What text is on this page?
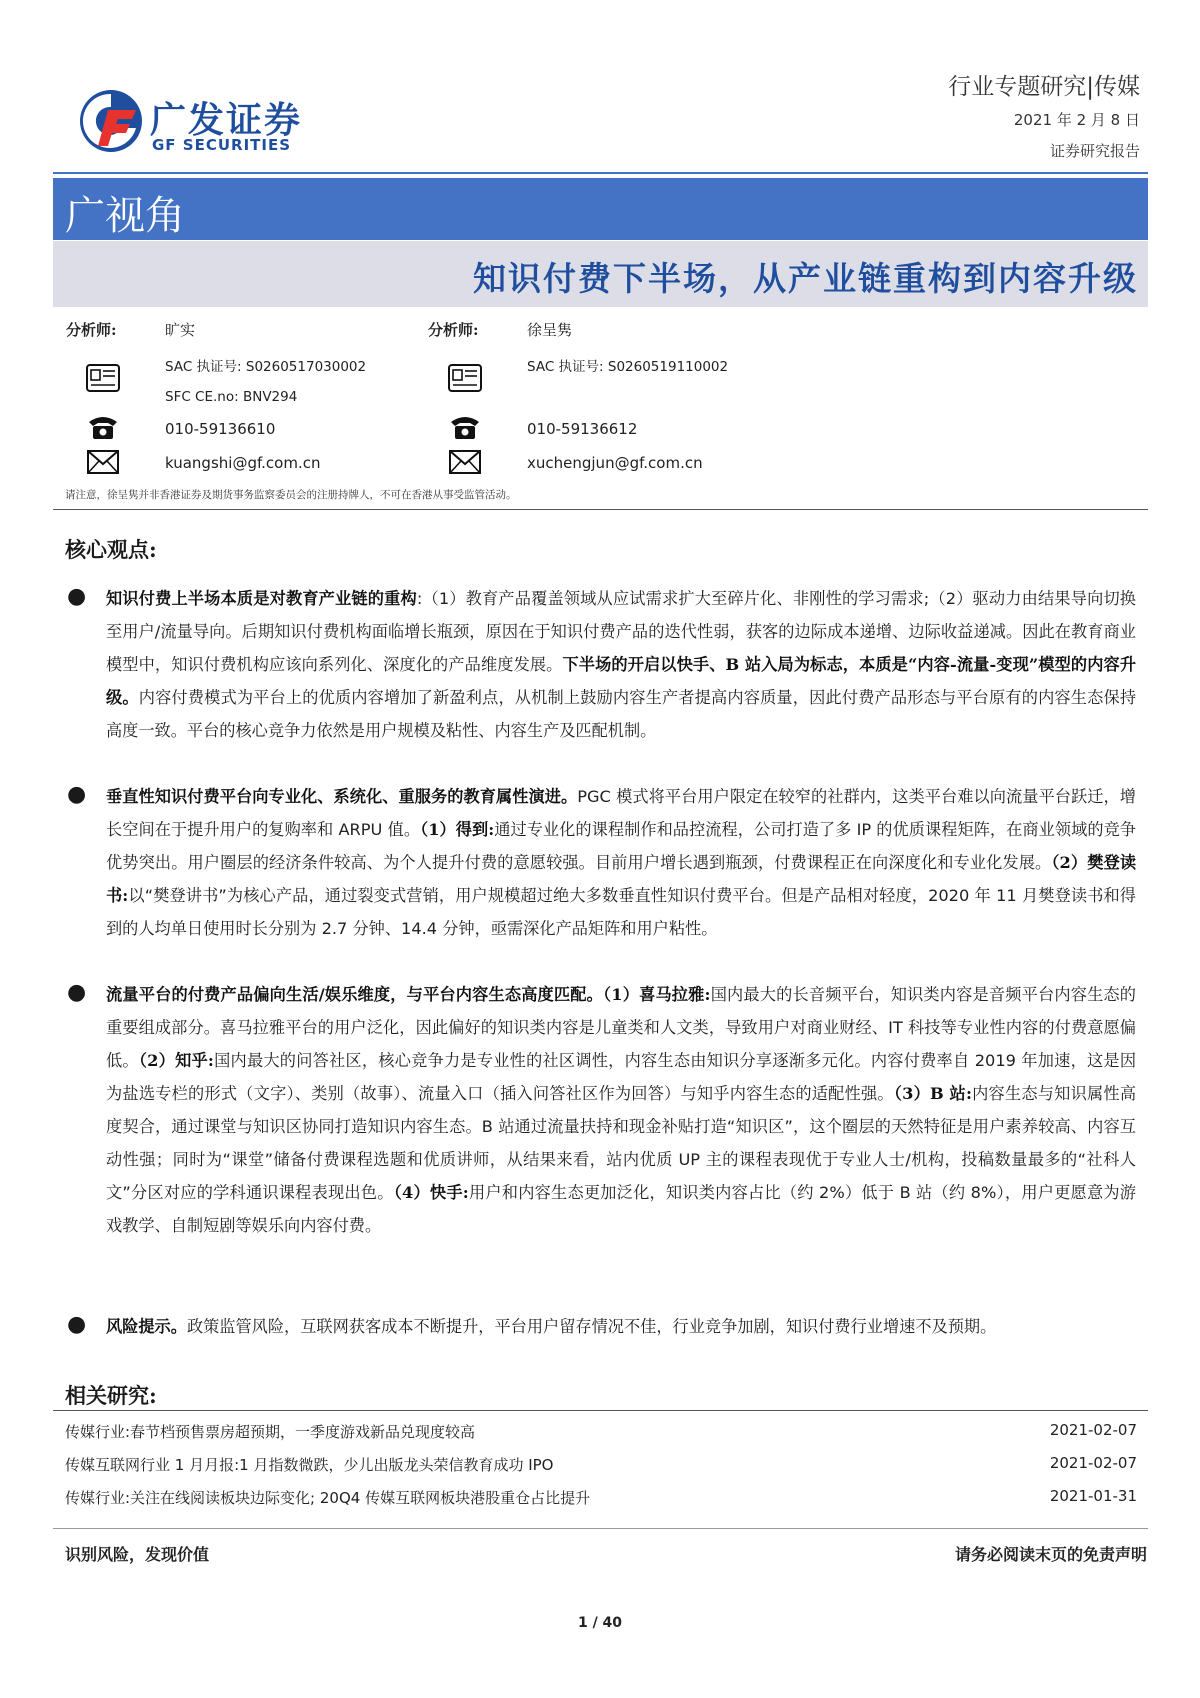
广发证券
GF SECURITIES
行业专题研究|传媒
2021 年 2 月 8 日
证券研究报告
广视角
知识付费下半场，从产业链重构到内容升级
分析师:	旷实
SAC 执证号: S0260517030002
SFC CE.no: BNV294
010-59136610
kuangshi@gf.com.cn
分析师:	徐呈隽
SAC 执证号: S0260519110002
010-59136612
xuchengjun@gf.com.cn
请注意，徐呈隽并非香港证券及期货事务监察委员会的注册持牌人，不可在香港从事受监管活动。
核心观点:
● 知识付费上半场本质是对教育产业链的重构:（1）教育产品覆盖领域从应试需求扩大至碎片化、非刚性的学习需求;（2）驱动力由结果导向切换至用户/流量导向。后期知识付费机构面临增长瓶颈，原因在于知识付费产品的迭代性弱，获客的边际成本递增、边际收益递减。因此在教育商业模型中，知识付费机构应该向系列化、深度化的产品维度发展。下半场的开启以快手、B 站入局为标志，本质是“内容-流量-变现”模型的内容升级。内容付费模式为平台上的优质内容增加了新盈利点，从机制上鼓励内容生产者提高内容质量，因此付费产品形态与平台原有的内容生态保持高度一致。平台的核心竞争力依然是用户规模及粘性、内容生产及匹配机制。
● 垂直性知识付费平台向专业化、系统化、重服务的教育属性演进。PGC 模式将平台用户限定在较窄的社群内，这类平台难以向流量平台跃迁，增长空间在于提升用户的复购率和 ARPU 值。（1）得到:通过专业化的课程制作和品控流程，公司打造了多 IP 的优质课程矩阵，在商业领域的竞争优势突出。用户圈层的经济条件较高、为个人提升付费的意愿较强。目前用户增长遇到瓶颈，付费课程正在向深度化和专业化发展。（2）樊登读书:以“樊登讲书”为核心产品，通过裂变式营销，用户规模超过绝大多数垂直性知识付费平台。但是产品相对轻度，2020 年 11 月樊登读书和得到的人均单日使用时长分别为 2.7 分钟、14.4 分钟，亟需深化产品矩阵和用户粘性。
● 流量平台的付费产品偏向生活/娱乐维度，与平台内容生态高度匹配。（1）喜马拉雅:国内最大的长音频平台，知识类内容是音频平台内容生态的重要组成部分。喜马拉雅平台的用户泛化，因此偏好的知识类内容是儿童类和人文类，导致用户对商业财经、IT 科技等专业性内容的付费意愿偏低。（2）知乎:国内最大的问答社区，核心竞争力是专业性的社区调性，内容生态由知识分享逐渐多元化。内容付费率自 2019 年加速，这是因为盐选专栏的形式（文字）、类别（故事）、流量入口（插入问答社区作为回答）与知乎内容生态的适配性强。（3）B 站:内容生态与知识属性高度契合，通过课堂与知识区协同打造知识内容生态。B 站通过流量扶持和现金补贴打造“知识区”，这个圈层的天然特征是用户素养较高、内容互动性强；同时为“课堂”储备付费课程选题和优质讲师，从结果来看，站内优质 UP 主的课程表现优于专业人士/机构，投稿数量最多的“社科人文”分区对应的学科通识课程表现出色。（4）快手:用户和内容生态更加泛化，知识类内容占比（约 2%）低于 B 站（约 8%），用户更愿意为游戏教学、自制短剧等娱乐向内容付费。
● 风险提示。政策监管风险，互联网获客成本不断提升，平台用户留存情况不佳，行业竞争加剧，知识付费行业增速不及预期。
相关研究:
传媒行业:春节档预售票房超预期，一季度游戏新品兑现度较高	2021-02-07
传媒互联网行业 1 月月报:1 月指数微跌，少儿出版龙头荣信教育成功 IPO	2021-02-07
传媒行业:关注在线阅读板块边际变化; 20Q4 传媒互联网板块港股重仓占比提升	2021-01-31
识别风险，发现价值	请务必阅读末页的免责声明
1 / 40
